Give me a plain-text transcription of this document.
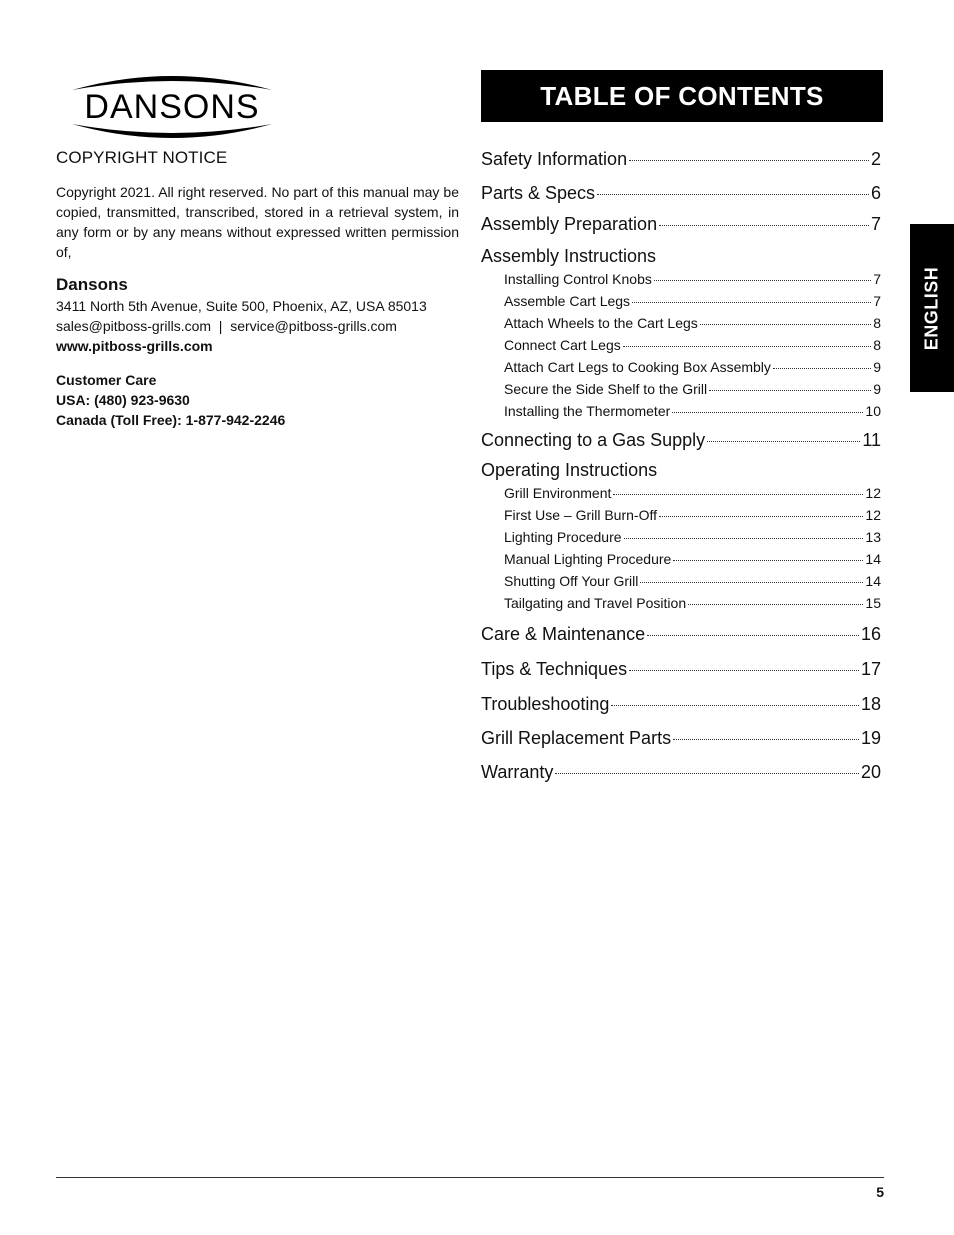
DANSONS
COPYRIGHT NOTICE

Copyright 2021. All right reserved. No part of this manual may be copied, transmitted, transcribed, stored in a retrieval system, in any form or by any means without expressed written permission of,

Dansons
3411 North 5th Avenue, Suite 500, Phoenix, AZ, USA 85013
sales@pitboss-grills.com  |  service@pitboss-grills.com
www.pitboss-grills.com
Customer Care
USA: (480) 923-9630
Canada (Toll Free): 1-877-942-2246
TABLE OF CONTENTS
Safety Information	2
Parts & Specs	6
Assembly Preparation	7
Assembly Instructions
Installing Control Knobs	7
Assemble Cart Legs	7
Attach Wheels to the Cart Legs	8
Connect Cart Legs	8
Attach Cart Legs to Cooking Box Assembly	9
Secure the Side Shelf to the Grill	9
Installing the Thermometer	10
Connecting to a Gas Supply	11
Operating Instructions
Grill Environment	12
First Use – Grill Burn-Off	12
Lighting Procedure	13
Manual Lighting Procedure	14
Shutting Off Your Grill	14
Tailgating and Travel Position	15
Care & Maintenance	16
Tips & Techniques	17
Troubleshooting	18
Grill Replacement Parts	19
Warranty	20
ENGLISH
5
